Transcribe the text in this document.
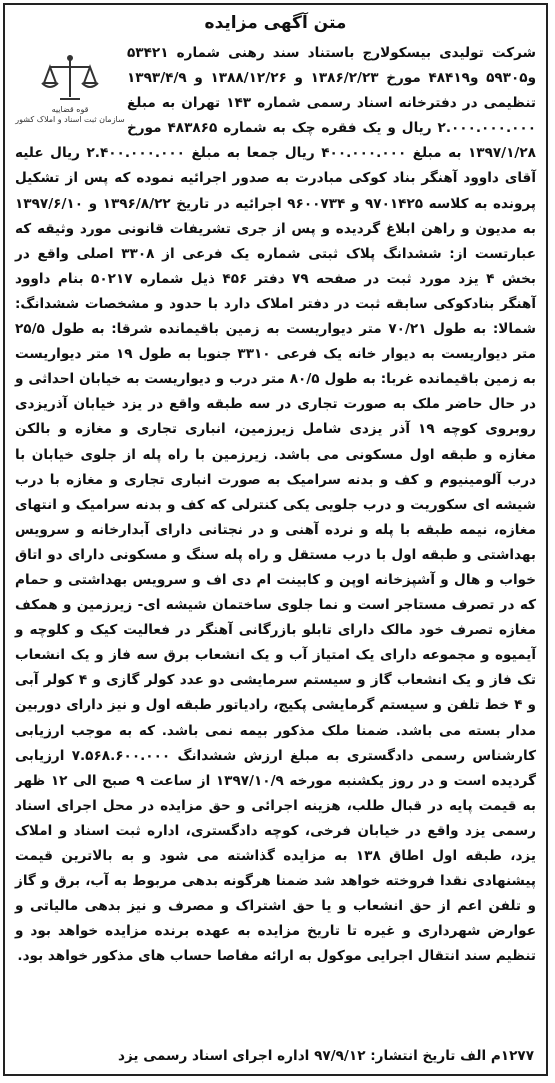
متن آگهی مزایده
قوه قضاییه
سازمان ثبت اسناد و املاک کشور
شرکت تولیدی بیسکولارج باستناد سند رهنی شماره ۵۳۴۲۱ و۵۹۳۰۵ و۴۸۴۱۹ مورخ ۱۳۸۶/۲/۲۳ و ۱۳۸۸/۱۲/۲۶ و ۱۳۹۳/۴/۹ تنظیمی در دفترخانه اسناد رسمی شماره ۱۴۳ تهران به مبلغ ۲.۰۰۰.۰۰۰.۰۰۰ ریال و یک فقره چک به شماره ۴۸۳۸۶۵ مورخ ۱۳۹۷/۱/۲۸ به مبلغ ۴۰۰.۰۰۰.۰۰۰ ریال جمعا به مبلغ ۲.۴۰۰.۰۰۰.۰۰۰ ریال علیه آقای داوود آهنگر بناد کوکی مبادرت به صدور اجرائیه نموده که پس از تشکیل پرونده به کلاسه ۹۷۰۱۴۲۵ و ۹۶۰۰۷۳۴ اجرائیه در تاریخ ۱۳۹۶/۸/۲۲ و ۱۳۹۷/۶/۱۰ به مدیون و راهن ابلاغ گردیده و پس از جری تشریفات قانونی مورد وثیقه که عبارتست از: ششدانگ پلاک ثبتی شماره یک فرعی از ۳۳۰۸ اصلی واقع در بخش ۴ یزد مورد ثبت در صفحه ۷۹ دفتر ۴۵۶ ذیل شماره ۵۰۲۱۷ بنام داوود آهنگر بنادکوکی سابقه ثبت در دفتر املاک دارد با حدود و مشخصات ششدانگ: شمالا: به طول ۷۰/۲۱ متر دیواریست به زمین باقیمانده شرقا: به طول ۲۵/۵ متر دیواریست به دیوار خانه یک فرعی ۳۳۱۰ جنوبا به طول ۱۹ متر دیواریست به زمین باقیمانده غربا: به طول ۸۰/۵ متر درب و دیواریست به خیابان احداثی و در حال حاضر ملک به صورت تجاری در سه طبقه واقع در یزد خیابان آذریزدی روبروی کوچه ۱۹ آذر یزدی شامل زیرزمین، انباری تجاری و مغازه و بالکن مغازه و طبقه اول مسکونی می باشد. زیرزمین با راه پله از جلوی خیابان با درب آلومینیوم و کف و بدنه سرامیک به صورت انباری تجاری و مغازه با درب شیشه ای سکوریت و درب جلویی یکی کنترلی که کف و بدنه سرامیک و انتهای مغازه، نیمه طبقه با پله و نرده آهنی و در نجتانی دارای آبدارخانه و سرویس بهداشتی و طبقه اول با درب مستقل و راه پله سنگ و مسکونی دارای دو اتاق خواب و هال و آشپزخانه اوپن و کابینت ام دی اف و سرویس بهداشتی و حمام که در تصرف مستاجر است و نما جلوی ساختمان شیشه ای- زیرزمین و همکف مغازه تصرف خود مالک دارای تابلو بازرگانی آهنگر در فعالیت کیک و کلوچه و آیمیوه و مجموعه دارای یک امتیاز آب و یک انشعاب برق سه فاز و یک انشعاب تک فاز و یک انشعاب گاز و سیستم سرمایشی دو عدد کولر گازی و ۴ کولر آبی و ۴ خط تلفن و سیستم گرمایشی پکیج، رادیاتور طبقه اول و نیز دارای دوربین مدار بسته می باشد. ضمنا ملک مذکور بیمه نمی باشد. که به موجب ارزیابی کارشناس رسمی دادگستری به مبلغ ارزش ششدانگ ۷.۵۶۸.۶۰۰.۰۰۰ ارزیابی گردیده است و در روز یکشنبه مورخه ۱۳۹۷/۱۰/۹ از ساعت ۹ صبح الی ۱۲ ظهر به قیمت پایه در قبال طلب، هزینه اجرائی و حق مزایده در محل اجرای اسناد رسمی یزد واقع در خیابان فرخی، کوچه دادگستری، اداره ثبت اسناد و املاک یزد، طبقه اول اطاق ۱۳۸ به مزایده گذاشته می شود و به بالاترین قیمت پیشنهادی نقدا فروخته خواهد شد ضمنا هرگونه بدهی مربوط به آب، برق و گاز و تلفن اعم از حق انشعاب و یا حق اشتراک و مصرف و نیز بدهی مالیاتی و عوارض شهرداری و غیره تا تاریخ مزایده به عهده برنده مزایده خواهد بود و تنظیم سند انتقال اجرایی موکول به ارائه مفاصا حساب های مذکور خواهد بود.
۱۲۷۷م الف تاریخ انتشار: ۹۷/۹/۱۲ اداره اجرای اسناد رسمی یزد
